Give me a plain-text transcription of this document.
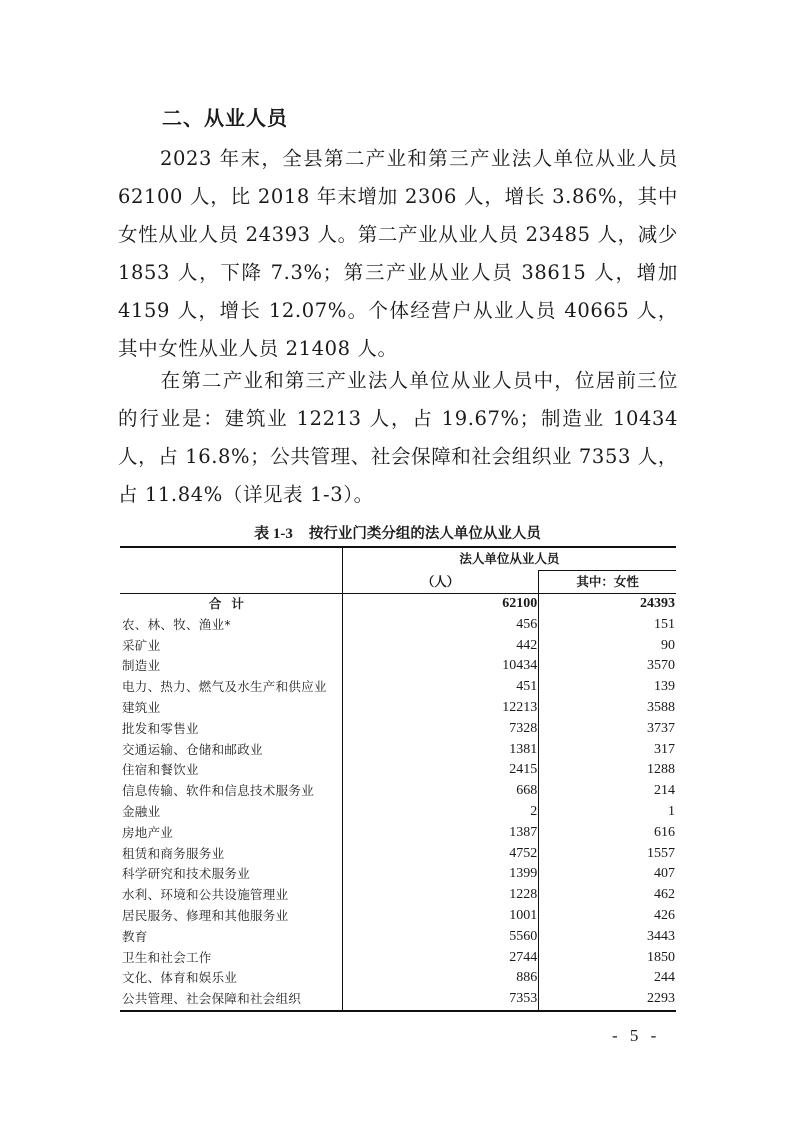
二、从业人员
2023 年末，全县第二产业和第三产业法人单位从业人员 62100 人，比 2018 年末增加 2306 人，增长 3.86%，其中女性从业人员 24393 人。第二产业从业人员 23485 人，减少 1853 人，下降 7.3%；第三产业从业人员 38615 人，增加 4159 人，增长 12.07%。个体经营户从业人员 40665 人，其中女性从业人员 21408 人。
在第二产业和第三产业法人单位从业人员中，位居前三位的行业是：建筑业 12213 人，占 19.67%；制造业 10434 人，占 16.8%；公共管理、社会保障和社会组织业 7353 人，占 11.84%（详见表 1-3）。
表 1-3 按行业门类分组的法人单位从业人员
	法人单位从业人员	
	（人）	其中：女性
合计	62100	24393
农、林、牧、渔业*	456	151
采矿业	442	90
制造业	10434	3570
电力、热力、燃气及水生产和供应业	451	139
建筑业	12213	3588
批发和零售业	7328	3737
交通运输、仓储和邮政业	1381	317
住宿和餐饮业	2415	1288
信息传输、软件和信息技术服务业	668	214
金融业	2	1
房地产业	1387	616
租赁和商务服务业	4752	1557
科学研究和技术服务业	1399	407
水利、环境和公共设施管理业	1228	462
居民服务、修理和其他服务业	1001	426
教育	5560	3443
卫生和社会工作	2744	1850
文化、体育和娱乐业	886	244
公共管理、社会保障和社会组织	7353	2293
- 5 -
